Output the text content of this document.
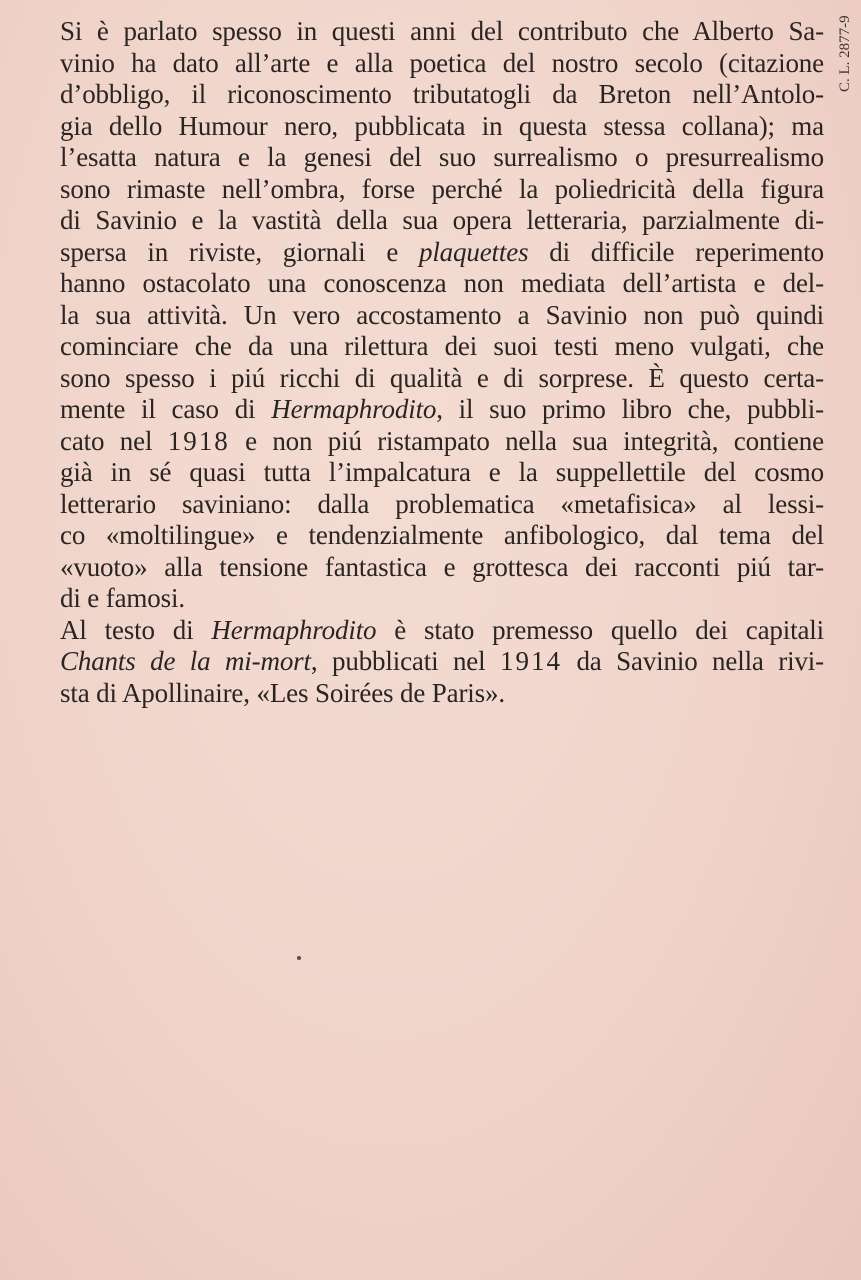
C. L. 2877-9
Si è parlato spesso in questi anni del contributo che Alberto Sa-
vinio ha dato all’arte e alla poetica del nostro secolo (citazione
d’obbligo, il riconoscimento tributatogli da Breton nell’Antolo-
gia dello Humour nero, pubblicata in questa stessa collana); ma
l’esatta natura e la genesi del suo surrealismo o presurrealismo
sono rimaste nell’ombra, forse perché la poliedricità della figura
di Savinio e la vastità della sua opera letteraria, parzialmente di-
spersa in riviste, giornali e plaquettes di difficile reperimento
hanno ostacolato una conoscenza non mediata dell’artista e del-
la sua attività. Un vero accostamento a Savinio non può quindi
cominciare che da una rilettura dei suoi testi meno vulgati, che
sono spesso i piú ricchi di qualità e di sorprese. È questo certa-
mente il caso di Hermaphrodito, il suo primo libro che, pubbli-
cato nel 1918 e non piú ristampato nella sua integrità, contiene
già in sé quasi tutta l’impalcatura e la suppellettile del cosmo
letterario saviniano: dalla problematica «metafisica» al lessi-
co «moltilingue» e tendenzialmente anfibologico, dal tema del
«vuoto» alla tensione fantastica e grottesca dei racconti piú tar-
di e famosi.
Al testo di Hermaphrodito è stato premesso quello dei capitali
Chants de la mi-mort, pubblicati nel 1914 da Savinio nella rivi-
sta di Apollinaire, «Les Soirées de Paris».
